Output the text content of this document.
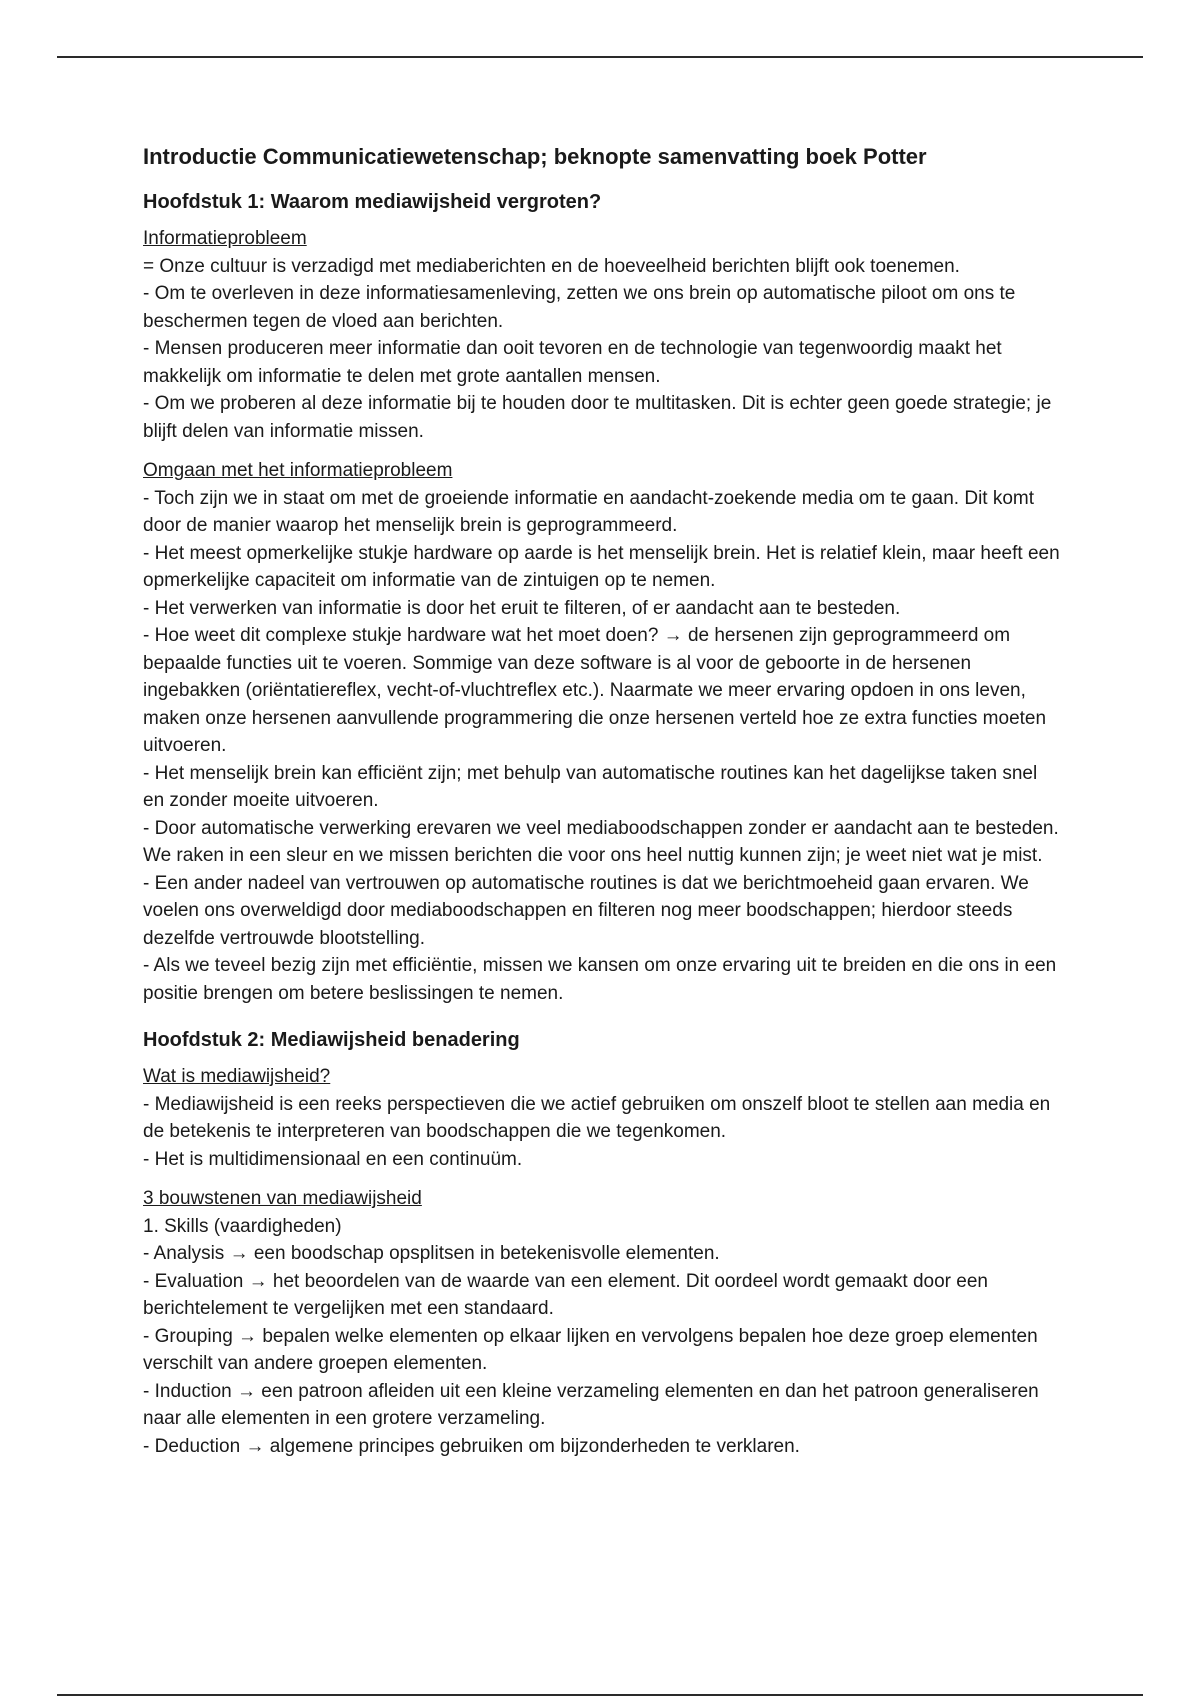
Introductie Communicatiewetenschap; beknopte samenvatting boek Potter
Hoofdstuk 1: Waarom mediawijsheid vergroten?

Informatieprobleem

= Onze cultuur is verzadigd met mediaberichten en de hoeveelheid berichten blijft ook toenemen.

- Om te overleven in deze informatiesamenleving, zetten we ons brein op automatische piloot om ons te beschermen tegen de vloed aan berichten.

- Mensen produceren meer informatie dan ooit tevoren en de technologie van tegenwoordig maakt het makkelijk om informatie te delen met grote aantallen mensen.

- Om we proberen al deze informatie bij te houden door te multitasken. Dit is echter geen goede strategie; je blijft delen van informatie missen.

Omgaan met het informatieprobleem

- Toch zijn we in staat om met de groeiende informatie en aandacht-zoekende media om te gaan. Dit komt door de manier waarop het menselijk brein is geprogrammeerd.

- Het meest opmerkelijke stukje hardware op aarde is het menselijk brein. Het is relatief klein, maar heeft een opmerkelijke capaciteit om informatie van de zintuigen op te nemen.

- Het verwerken van informatie is door het eruit te filteren, of er aandacht aan te besteden.

- Hoe weet dit complexe stukje hardware wat het moet doen? → de hersenen zijn geprogrammeerd om bepaalde functies uit te voeren. Sommige van deze software is al voor de geboorte in de hersenen ingebakken (oriëntatiereflex, vecht-of-vluchtreflex etc.). Naarmate we meer ervaring opdoen in ons leven, maken onze hersenen aanvullende programmering die onze hersenen verteld hoe ze extra functies moeten uitvoeren.

- Het menselijk brein kan efficiënt zijn; met behulp van automatische routines kan het dagelijkse taken snel en zonder moeite uitvoeren.

- Door automatische verwerking erevaren we veel mediaboodschappen zonder er aandacht aan te besteden. We raken in een sleur en we missen berichten die voor ons heel nuttig kunnen zijn; je weet niet wat je mist.

- Een ander nadeel van vertrouwen op automatische routines is dat we berichtmoeheid gaan ervaren. We voelen ons overweldigd door mediaboodschappen en filteren nog meer boodschappen; hierdoor steeds dezelfde vertrouwde blootstelling.

- Als we teveel bezig zijn met efficiëntie, missen we kansen om onze ervaring uit te breiden en die ons in een positie brengen om betere beslissingen te nemen.

Hoofdstuk 2: Mediawijsheid benadering

Wat is mediawijsheid?

- Mediawijsheid is een reeks perspectieven die we actief gebruiken om onszelf bloot te stellen aan media en de betekenis te interpreteren van boodschappen die we tegenkomen.

- Het is multidimensionaal en een continuüm.

3 bouwstenen van mediawijsheid

1. Skills (vaardigheden)

- Analysis → een boodschap opsplitsen in betekenisvolle elementen.

- Evaluation → het beoordelen van de waarde van een element. Dit oordeel wordt gemaakt door een berichtelement te vergelijken met een standaard.

- Grouping → bepalen welke elementen op elkaar lijken en vervolgens bepalen hoe deze groep elementen verschilt van andere groepen elementen.

- Induction → een patroon afleiden uit een kleine verzameling elementen en dan het patroon generaliseren naar alle elementen in een grotere verzameling.

- Deduction → algemene principes gebruiken om bijzonderheden te verklaren.
